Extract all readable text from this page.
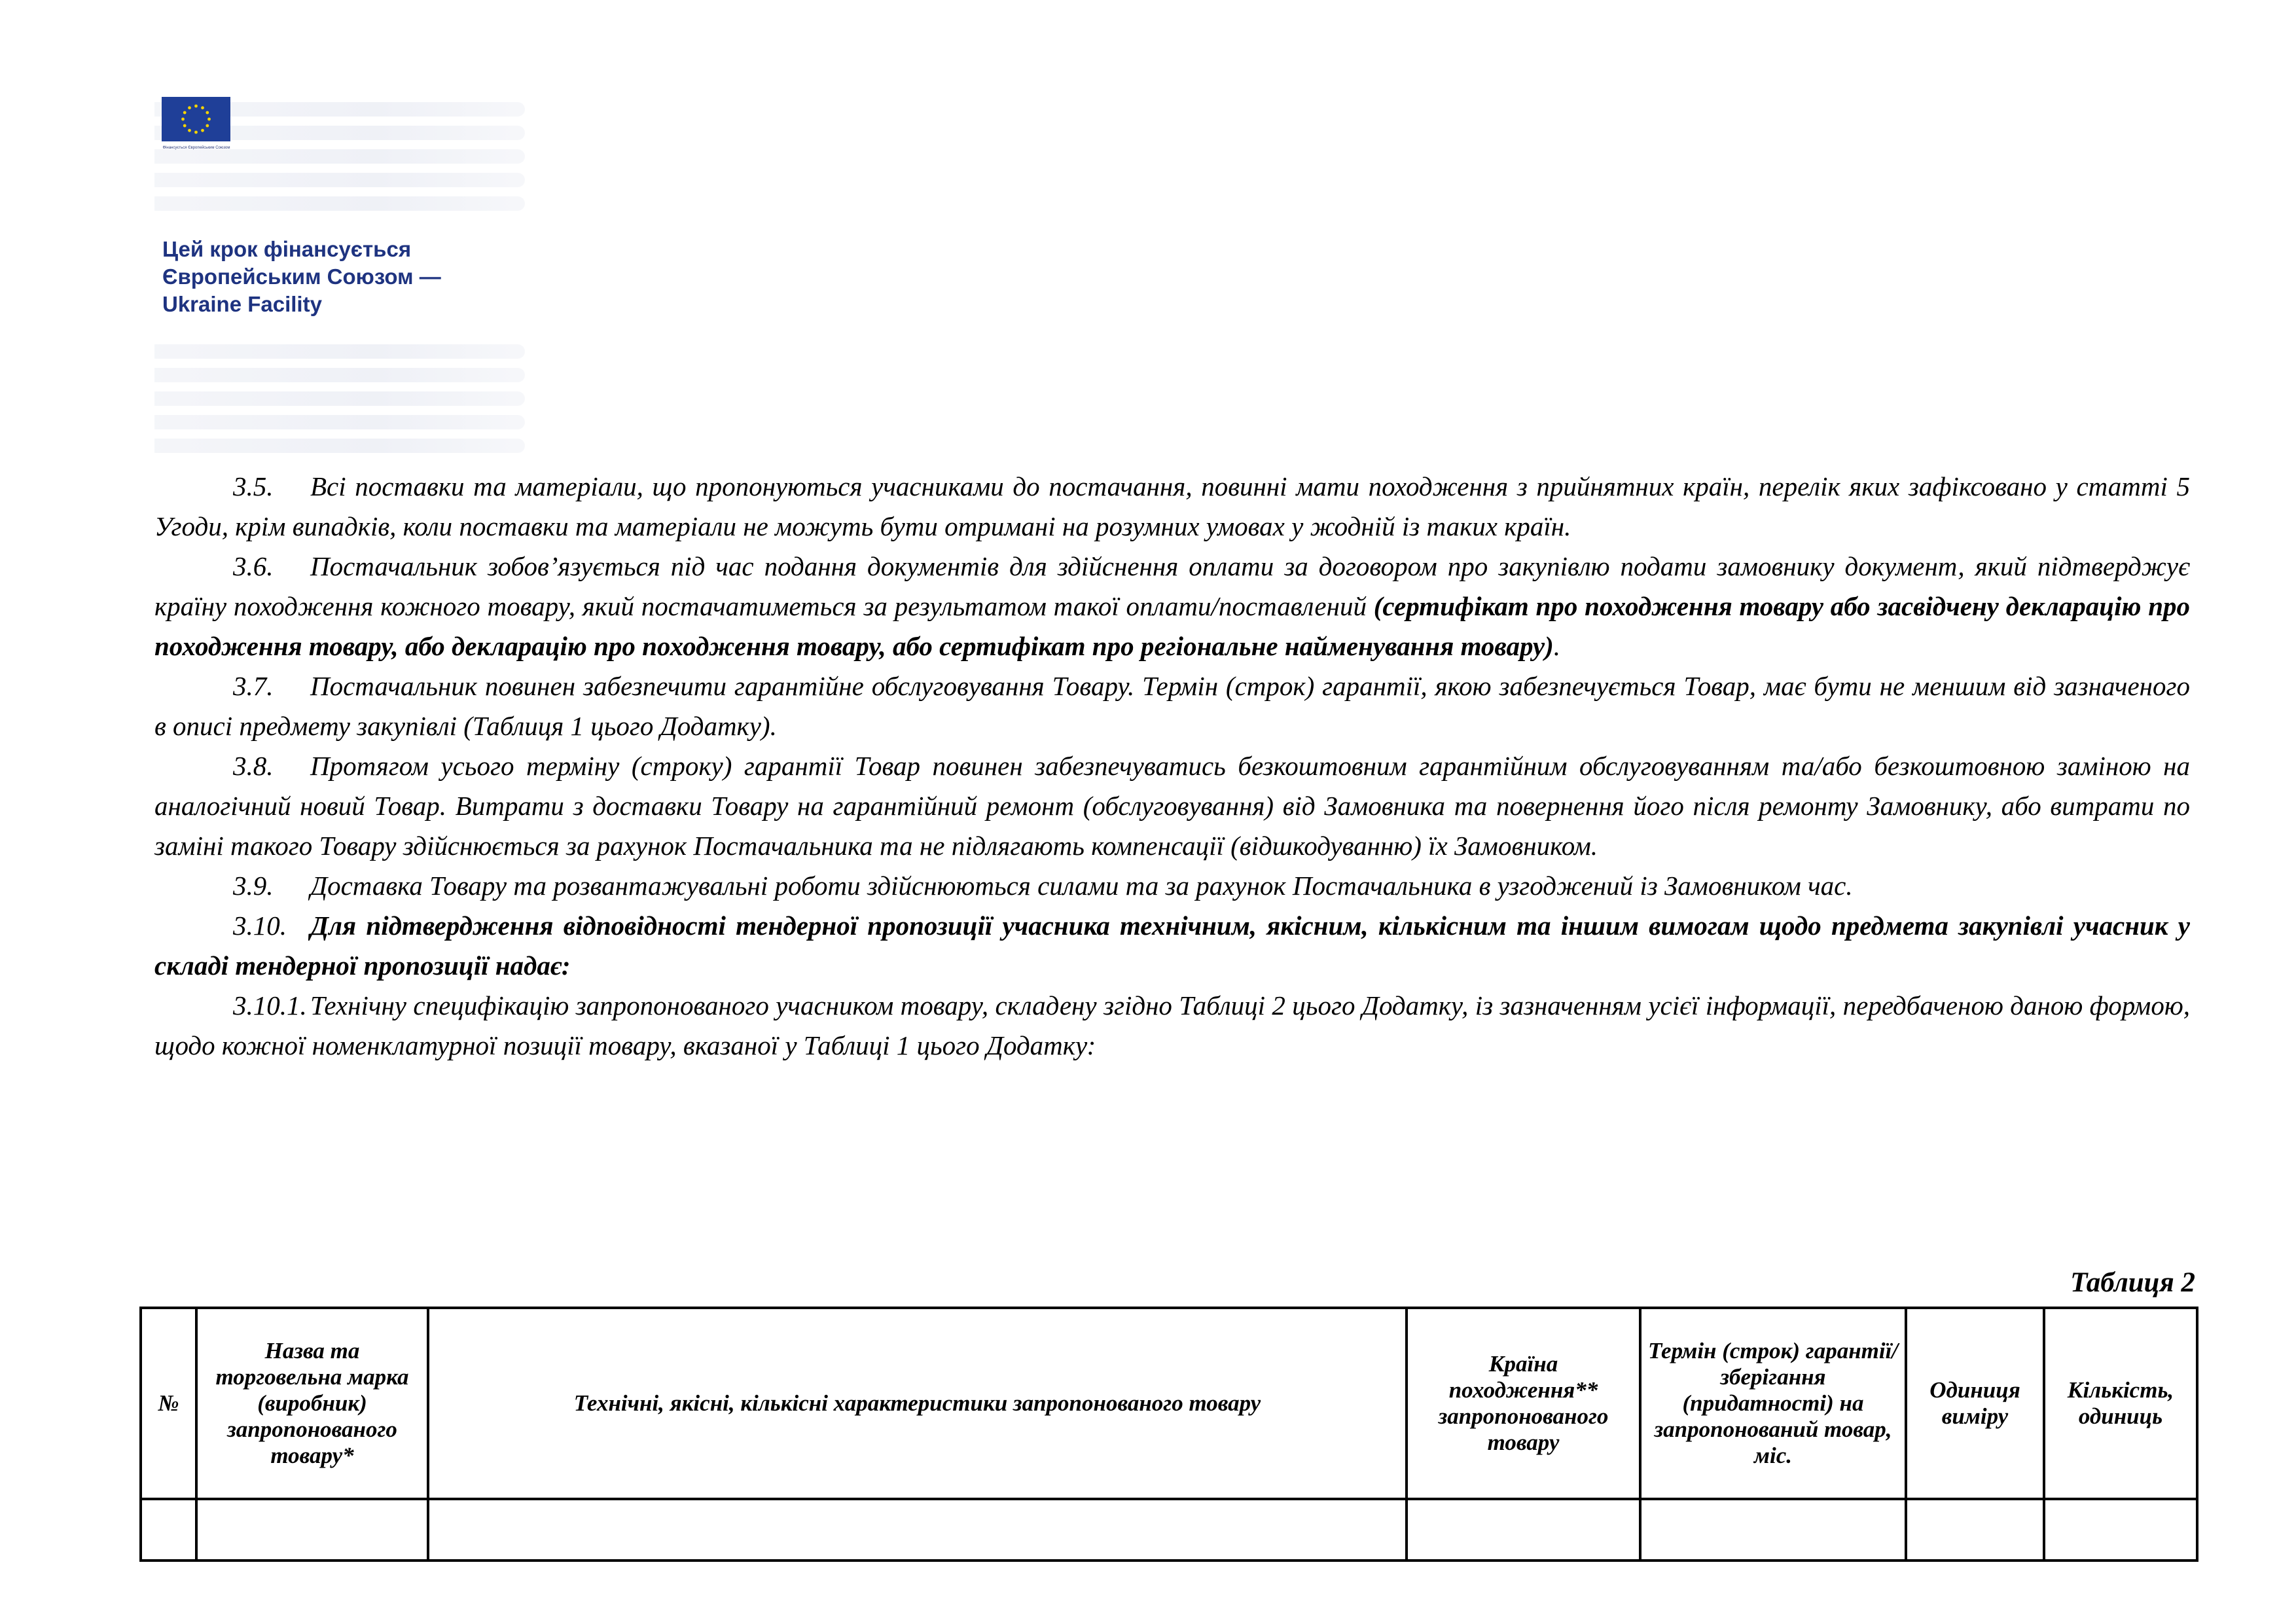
Фінансується Європейським Союзом
Цей крок фінансується
Європейським Союзом —
Ukraine Facility

3.5. Всі поставки та матеріали, що пропонуються учасниками до постачання, повинні мати походження з прийнятних країн, перелік яких зафіксовано у статті 5 Угоди, крім випадків, коли поставки та матеріали не можуть бути отримані на розумних умовах у жодній із таких країн.

3.6. Постачальник зобов’язується під час подання документів для здійснення оплати за договором про закупівлю подати замовнику документ, який підтверджує країну походження кожного товару, який постачатиметься за результатом такої оплати/поставлений (сертифікат про походження товару або засвідчену декларацію про походження товару, або декларацію про походження товару, або сертифікат про регіональне найменування товару).

3.7. Постачальник повинен забезпечити гарантійне обслуговування Товару. Термін (строк) гарантії, якою забезпечується Товар, має бути не меншим від зазначеного в описі предмету закупівлі (Таблиця 1 цього Додатку).

3.8. Протягом усього терміну (строку) гарантії Товар повинен забезпечуватись безкоштовним гарантійним обслуговуванням та/або безкоштовною заміною на аналогічний новий Товар. Витрати з доставки Товару на гарантійний ремонт (обслуговування) від Замовника та повернення його після ремонту Замовнику, або витрати по заміні такого Товару здійснюється за рахунок Постачальника та не підлягають компенсації (відшкодуванню) їх Замовником.

3.9. Доставка Товару та розвантажувальні роботи здійснюються силами та за рахунок Постачальника в узгоджений із Замовником час.

3.10. Для підтвердження відповідності тендерної пропозиції учасника технічним, якісним, кількісним та іншим вимогам щодо предмета закупівлі учасник у складі тендерної пропозиції надає:

3.10.1. Технічну специфікацію запропонованого учасником товару, складену згідно Таблиці 2 цього Додатку, із зазначенням усієї інформації, передбаченою даною формою, щодо кожної номенклатурної позиції товару, вказаної у Таблиці 1 цього Додатку:

Таблиця 2
№	Назва та торговельна марка (виробник) запропонованого товару*	Технічні, якісні, кількісні характеристики запропонованого товару	Країна походження** запропонованого товару	Термін (строк) гарантії/зберігання (придатності) на запропонований товар, міс.	Одиниця виміру	Кількість, одиниць
